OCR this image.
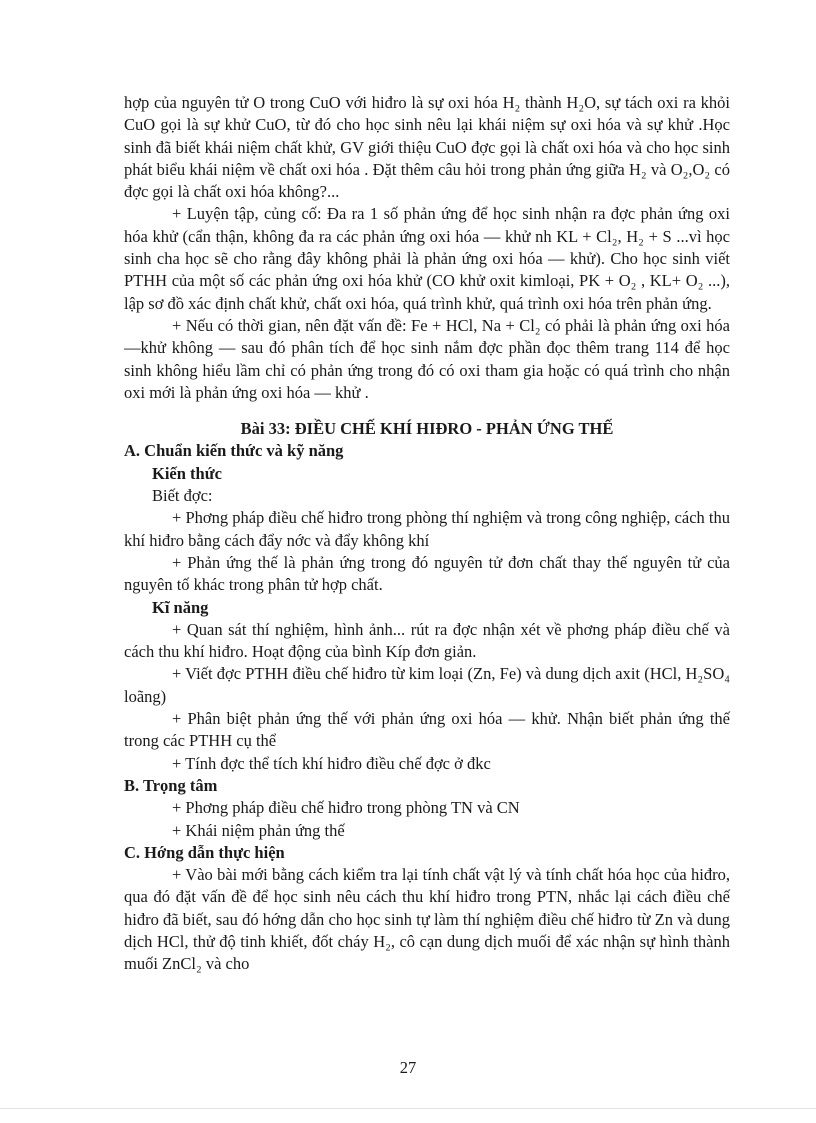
hợp của nguyên tử O trong CuO với hiđro là sự oxi hóa H₂ thành H₂O, sự tách oxi ra khỏi CuO gọi là sự khử CuO, từ đó cho học sinh nêu lại khái niệm sự oxi hóa và sự khử .Học sinh đã biết khái niệm chất khử, GV giới thiệu CuO đợc gọi là chất oxi hóa và cho học sinh phát biểu khái niệm về chất oxi hóa . Đặt thêm câu hỏi trong phản ứng giữa H₂ và O₂,O₂ có đợc gọi là chất oxi hóa không?...

+ Luyện tập, củng cố: Đa ra 1 số phản ứng để học sinh nhận ra đợc phản ứng oxi hóa khử (cẩn thận, không đa ra các phản ứng oxi hóa — khử nh KL + Cl₂, H₂ + S ...vì học sinh cha học sẽ cho rằng đây không phải là phản ứng oxi hóa — khử). Cho học sinh viết PTHH của một số các phản ứng oxi hóa khử (CO khử oxit kimloại, PK + O₂ , KL+ O₂ ...), lập sơ đồ xác định chất khử, chất oxi hóa, quá trình khử, quá trình oxi hóa trên phản ứng.

+ Nếu có thời gian, nên đặt vấn đề: Fe + HCl, Na + Cl₂ có phải là phản ứng oxi hóa —khử không — sau đó phân tích để học sinh nắm đợc phần đọc thêm trang 114 để học sinh không hiểu lầm chỉ có phản ứng trong đó có oxi tham gia hoặc có quá trình cho nhận oxi mới là phản ứng oxi hóa — khử .

Bài 33: ĐIỀU CHẾ KHÍ HIĐRO - PHẢN ỨNG THẾ

A. Chuẩn kiến thức và kỹ năng

Kiến thức

Biết đợc:

+ Phơng pháp điều chế hiđro trong phòng thí nghiệm và trong công nghiệp, cách thu khí hiđro bằng cách đẩy nớc và đẩy không khí

+ Phản ứng thế là phản ứng trong đó nguyên tử đơn chất thay thế nguyên tử của nguyên tố khác trong phân tử hợp chất.

Kĩ năng

+ Quan sát thí nghiệm, hình ảnh... rút ra đợc nhận xét về phơng pháp điều chế và cách thu khí hiđro. Hoạt động của bình Kíp đơn giản.

+ Viết đợc PTHH điều chế hiđro từ kim loại (Zn, Fe) và dung dịch axit (HCl, H₂SO₄ loãng)

+ Phân biệt phản ứng thế với phản ứng oxi hóa — khử. Nhận biết phản ứng thế trong các PTHH cụ thể

+ Tính đợc thể tích khí hiđro điều chế đợc ở đkc

B. Trọng tâm

+ Phơng pháp điều chế hiđro trong phòng TN và CN

+ Khái niệm phản ứng thế

C. Hớng dẫn thực hiện

+ Vào bài mới bằng cách kiểm tra lại tính chất vật lý và tính chất hóa học của hiđro, qua đó đặt vấn đề để học sinh nêu cách thu khí hiđro trong PTN, nhắc lại cách điều chế hiđro đã biết, sau đó hớng dẫn cho học sinh tự làm thí nghiệm điều chế hiđro từ Zn và dung dịch HCl, thử độ tinh khiết, đốt cháy H₂, cô cạn dung dịch muối để xác nhận sự hình thành muối ZnCl₂ và cho

27
